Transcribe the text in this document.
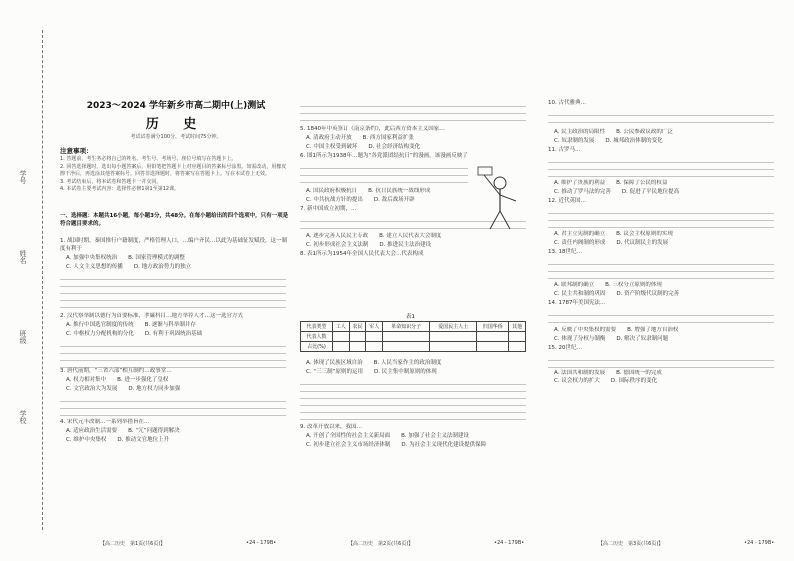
学号
姓名
班级
学校
2023～2024 学年新乡市高二期中(上)测试
历 史
考试试卷满分100分，考试时间75分钟。
注意事项：

1. 答题前，考生务必将自己的姓名、考生号、考场号、座位号填写在答题卡上。

2. 回答选择题时，选出每小题答案后，用铅笔把答题卡上对应题目的答案标号涂黑。如需改动，用橡皮擦干净后，再选涂其他答案标号。回答非选择题时，将答案写在答题卡上。写在本试卷上无效。

3. 考试结束后，将本试卷和答题卡一并交回。

4. 本试卷主要考试内容：选择性必修1第1至第12课。

一、选择题：本题共16小题，每小题3分，共48分。在每小题给出的四个选项中，只有一项是符合题目要求的。

1. 战国时期，秦国推行户籍制度，严格管理人口，…编户齐民…以此为基础征发赋役，这一制度有利于

A. 加强中央集权统治　　B. 国家管理模式的调整

C. 人文主义思想的传播　　D. 地方政治势力的独立

2. 汉代察举制以德行为首要标准，孝廉科目…地方举荐人才…这一选官方式

A. 推行中国选官制度的传统　　B. 逐渐与科举制并存

C. 中枢权力分配机构的分化　　D. 有利于巩固统治基础

3. 唐代前期，“三省六部”相互制约…政事堂…

A. 权力相对集中　　B. 进一步强化了皇权

C. 文官政治大为发展　　D. 地方权力同步加强

4. 宋代元丰改制…一系列举措旨在…

A. 适应政治生活需要　　B. “冗”问题得到解决

C. 维护中央集权　　D. 推动文官地位上升

5. 1840年中英签订《南京条约》，此后西方资本主义国家…

A. 清政府主动开放　　B. 西方国家利益扩张

C. 中国主权受到破坏　　D. 社会经济结构变化

6. 图1所示为1938年…题为“各党派团结抗日”的漫画。该漫画反映了

A. 国民政府积极抗日　　B. 抗日民族统一战线形成

C. 中共抗战方针的提出　　D. 敌后战场开辟

7. 新中国成立初期，…

A. 逐步完善人民民主专政　　B. 建立人民代表大会制度

C. 初步形成社会主义法制　　D. 推进民主法治建设

8. 表1所示为1954年全国人民代表大会…代表构成

表1
代表类型	工人	农民	军人	革命知识分子	爱国民主人士	归国华侨	其他
代表人数							
占比(%)							

A. 体现了民族区域自治　　B. 人民当家作主的政治制度

C. “三三制”原则的运用　　D. 民主集中制原则的体现

9. 改革开放以来，我国…

A. 开创了全国性的社会主义新局面　　B. 加强了社会主义法制建设

C. 初步建立社会主义市场经济体制　　D. 为社会主义现代化建设提供保障

10. 古代雅典…

A. 民主政治的局限性　　B. 公民参政议政的广泛

C. 奴隶制的发展　　D. 城邦政治体制的变化

11. 古罗马…

A. 维护了贵族的利益　　B. 保障了公民的权益

C. 推动了罗马法的完善　　D. 促进了平民地位提高

12. 近代英国…

A. 君主立宪制的确立　　B. 议会主权原则的实现

C. 责任内阁制的形成　　D. 代议制民主的发展

13. 18世纪…

A. 联邦制的确立　　B. 三权分立原则的体现

C. 民主共和制的巩固　　D. 资产阶级代议制的完善

14. 1787年美国宪法…

A. 反映了中央集权的需要　　B. 增强了地方自治权

C. 体现了分权与制衡　　D. 解决了奴隶制问题

15. 20世纪…

A. 法国共和制的发展　　B. 德国统一的完成

C. 议会权力的扩大　　D. 国际秩序的变化

【高二历史　第1页(共6页)】	•24 - 179B•	【高二历史　第2页(共6页)】	•24 - 179B•	【高二历史　第3页(共6页)】	•24 - 179B•
